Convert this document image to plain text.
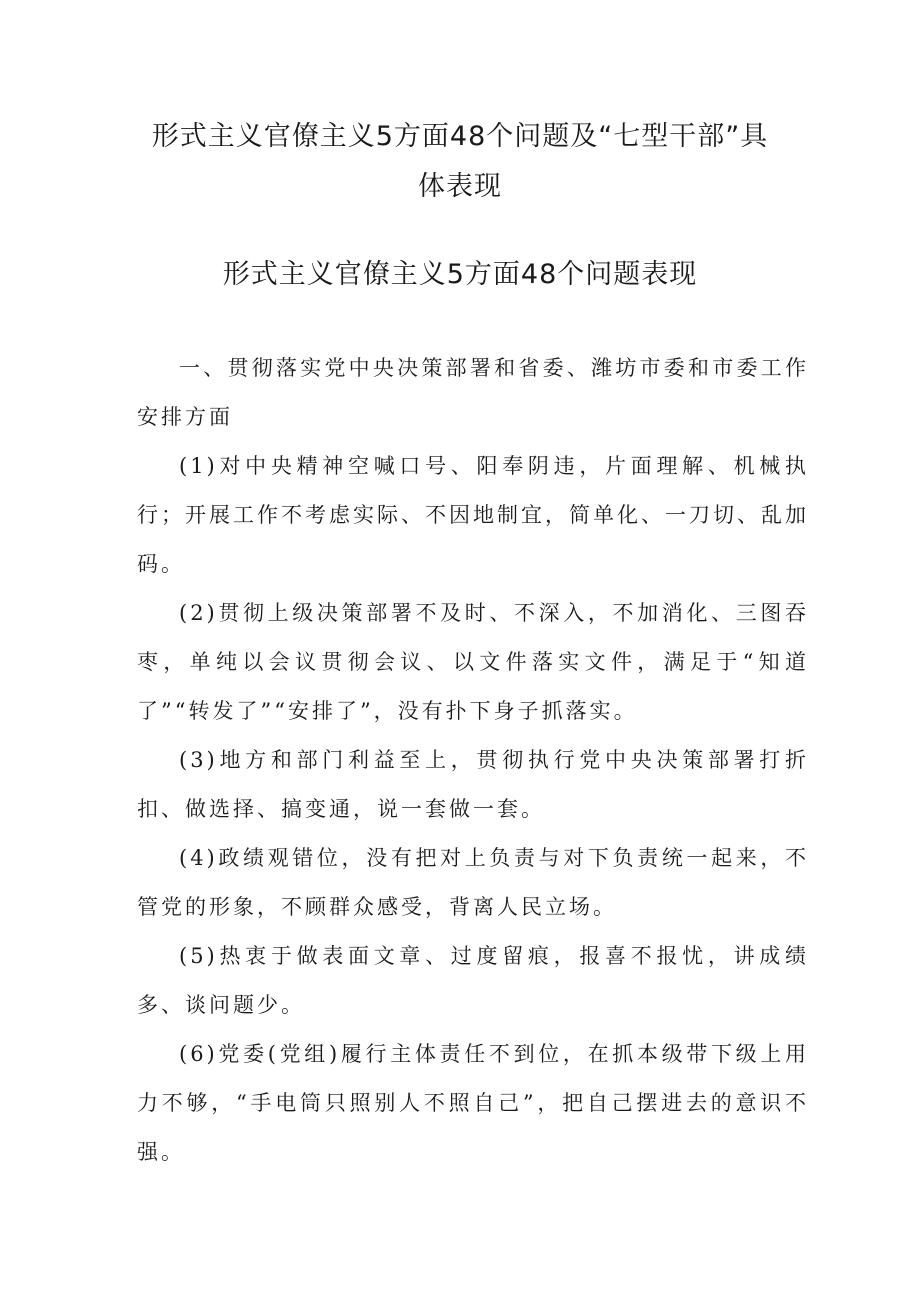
形式主义官僚主义5方面48个问题及“七型干部”具体表现
形式主义官僚主义5方面48个问题表现

一、贯彻落实党中央决策部署和省委、潍坊市委和市委工作安排方面

(1)对中央精神空喊口号、阳奉阴违，片面理解、机械执行；开展工作不考虑实际、不因地制宜，简单化、一刀切、乱加码。

(2)贯彻上级决策部署不及时、不深入，不加消化、三图吞枣，单纯以会议贯彻会议、以文件落实文件，满足于“知道了”“转发了”“安排了”，没有扑下身子抓落实。

(3)地方和部门利益至上，贯彻执行党中央决策部署打折扣、做选择、搞变通，说一套做一套。

(4)政绩观错位，没有把对上负责与对下负责统一起来，不管党的形象，不顾群众感受，背离人民立场。

(5)热衷于做表面文章、过度留痕，报喜不报忧，讲成绩多、谈问题少。

(6)党委(党组)履行主体责任不到位，在抓本级带下级上用力不够，“手电筒只照别人不照自己”，把自己摆进去的意识不强。
